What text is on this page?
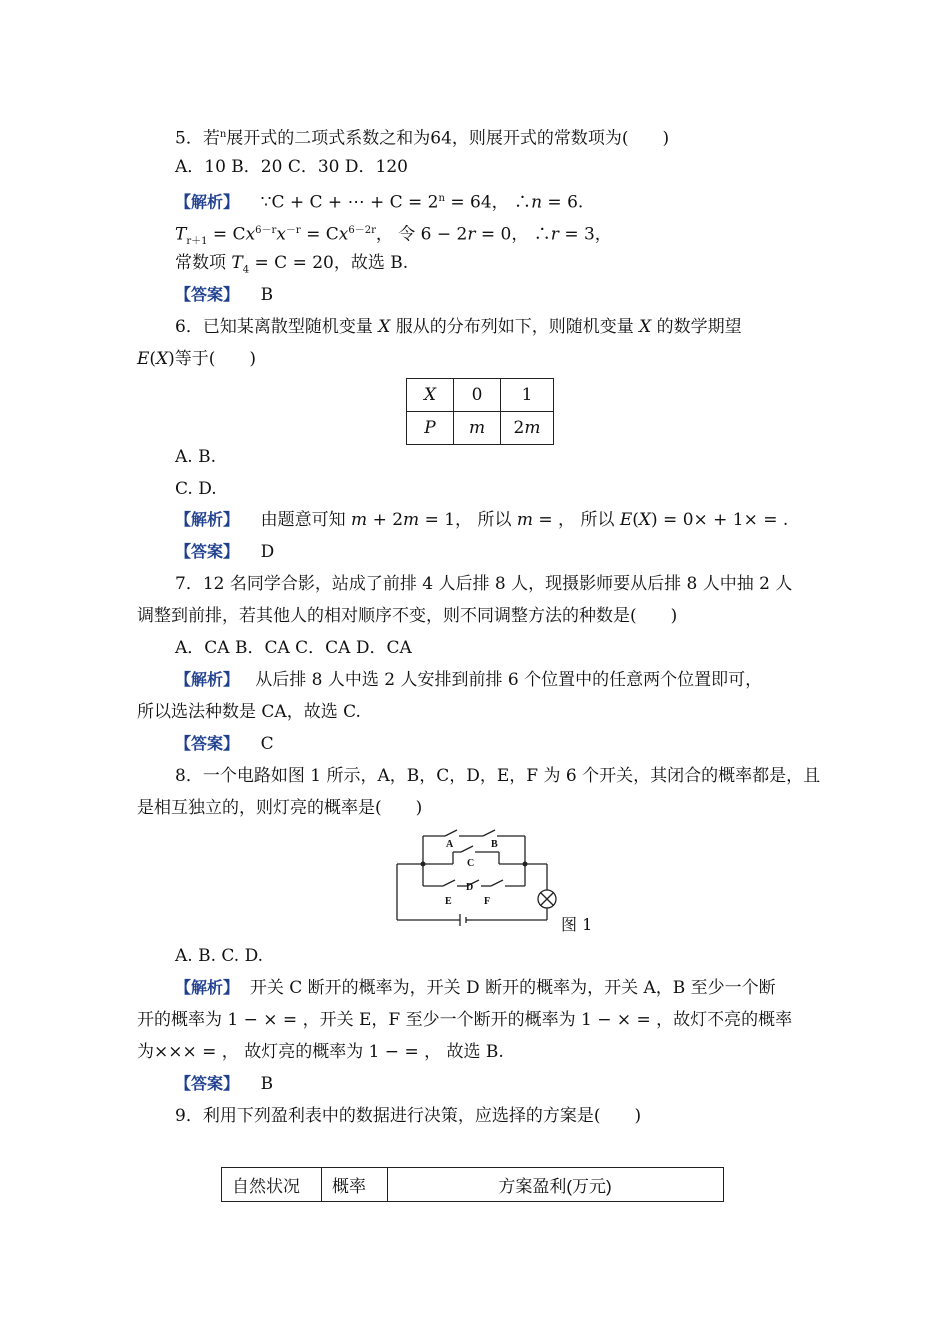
5．若$^n$展开式的二项式系数之和为64，则展开式的常数项为(　　)
A．10 B．20 C．30 D．120
【解析】 ∵C + C + ⋯ + $C = 2^n = 64$， ∴n = 6.
$T_{r+1} = Cx^{6-r}x^{-r} = Cx^{6-2r}$， 令 6 − 2r = 0， ∴r = 3，
常数项 $T_4 = C = 20$，故选 B.
【答案】 B
6．已知某离散型随机变量 X 服从的分布列如下，则随机变量 X 的数学期望
E(X)等于(　　)
X	0	1
P	m	2m
A. B.
C. D.
【解析】 由题意可知 m + 2m = 1， 所以 m = ， 所以 E(X) = 0× + 1× = .
【答案】 D
7．12 名同学合影，站成了前排 4 人后排 8 人，现摄影师要从后排 8 人中抽 2 人
调整到前排，若其他人的相对顺序不变，则不同调整方法的种数是(　　)
A．CA B．CA C．CA D．CA
【解析】 从后排 8 人中选 2 人安排到前排 6 个位置中的任意两个位置即可，
所以选法种数是 CA，故选 C.
【答案】 C
8．一个电路如图 1 所示，A，B，C，D，E，F 为 6 个开关，其闭合的概率都是，且
是相互独立的，则灯亮的概率是(　　)
A	B
C
D
E	F
图 1
A. B. C. D.
【解析】 开关 C 断开的概率为，开关 D 断开的概率为，开关 A，B 至少一个断
开的概率为 1 − × = ，开关 E，F 至少一个断开的概率为 1 − × = ，故灯不亮的概率
为××× = ， 故灯亮的概率为 1 − = ， 故选 B.
【答案】 B
9．利用下列盈利表中的数据进行决策，应选择的方案是(　　)
自然状况	概率	方案盈利(万元)
